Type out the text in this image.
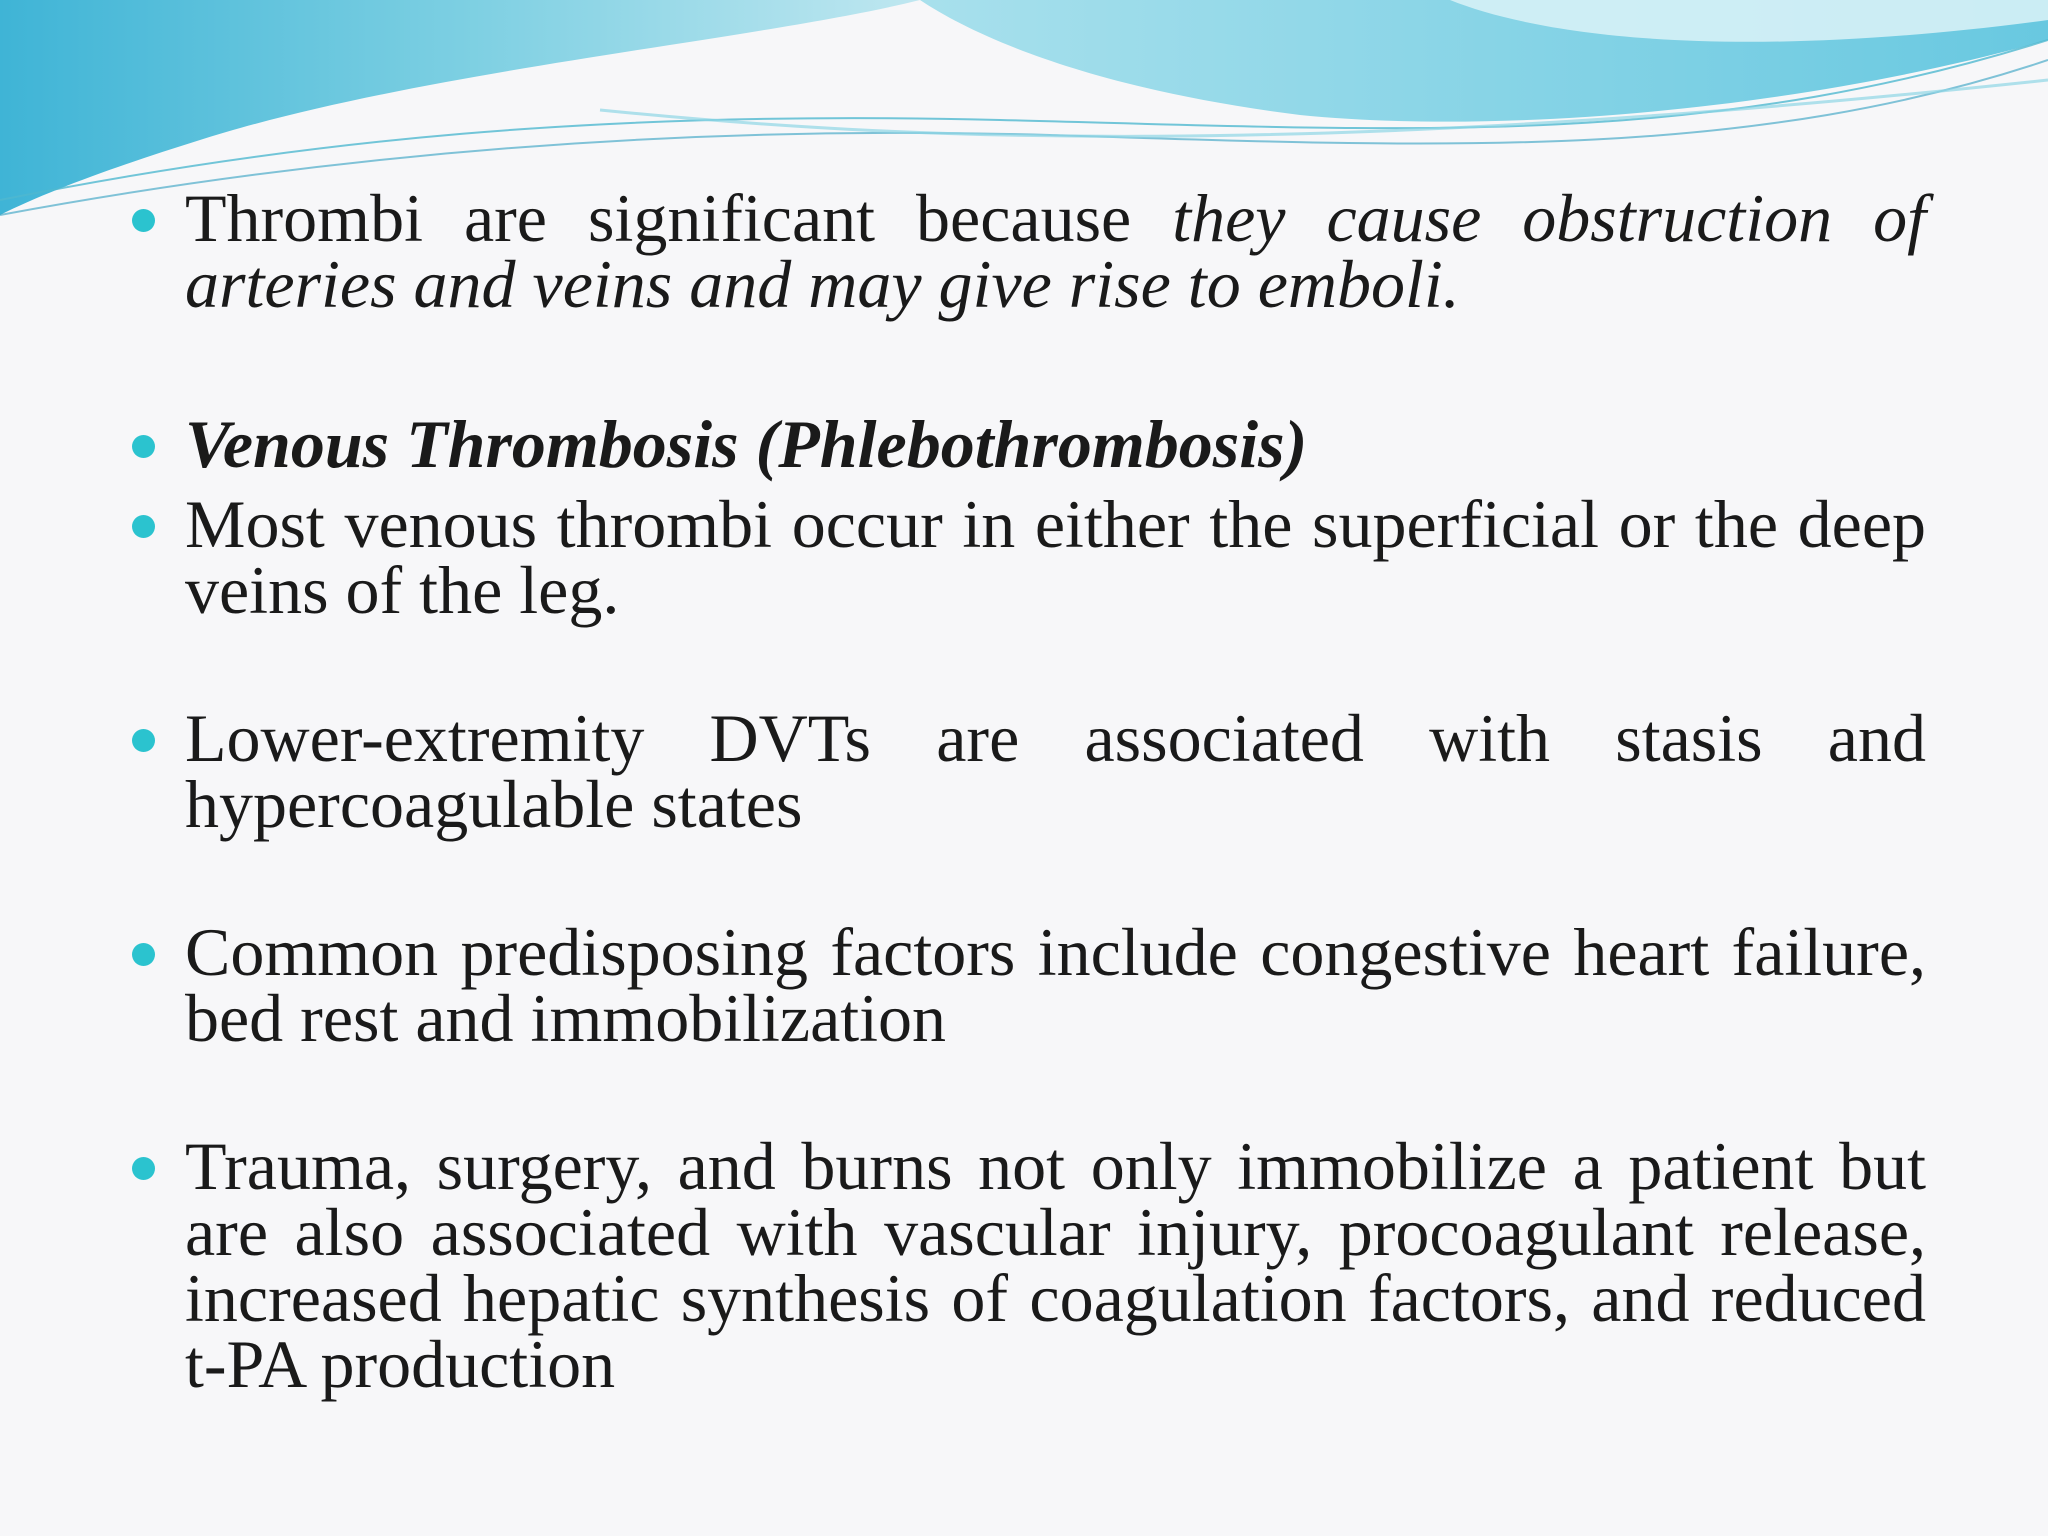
Thrombi are significant because they cause obstruction of arteries and veins and may give rise to emboli.
Venous Thrombosis (Phlebothrombosis)
Most venous thrombi occur in either the superficial or the deep veins of the leg.
Lower-extremity DVTs are associated with stasis and hypercoagulable states
Common predisposing factors include congestive heart failure, bed rest and immobilization
Trauma, surgery, and burns not only immobilize a patient but are also associated with vascular injury, procoagulant release, increased hepatic synthesis of coagulation factors, and reduced t-PA production
